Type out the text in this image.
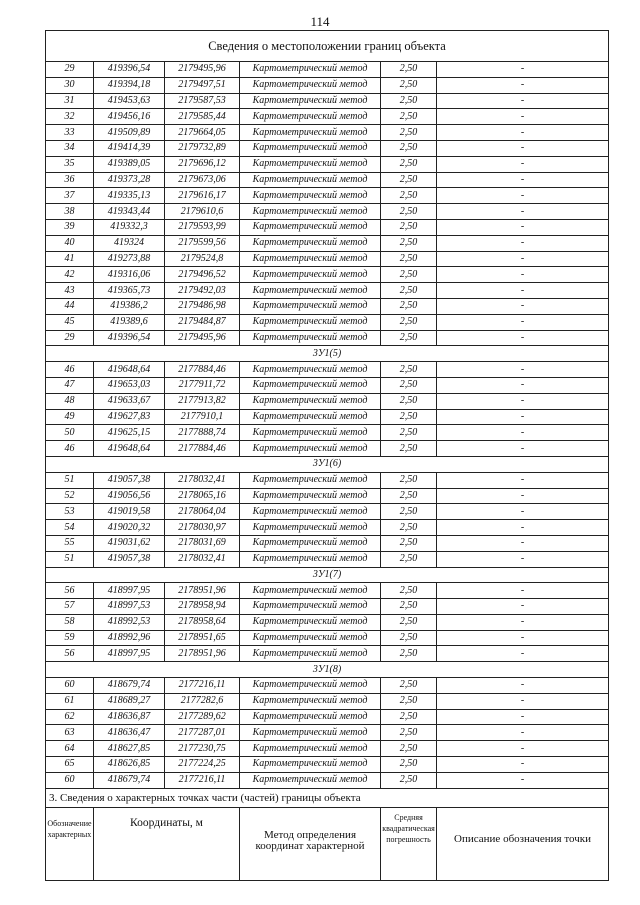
114
Сведения о местоположении границ объекта					
29	419396,54	2179495,96	Картометрический метод	2,50	-
30	419394,18	2179497,51	Картометрический метод	2,50	-
31	419453,63	2179587,53	Картометрический метод	2,50	-
32	419456,16	2179585,44	Картометрический метод	2,50	-
33	419509,89	2179664,05	Картометрический метод	2,50	-
34	419414,39	2179732,89	Картометрический метод	2,50	-
35	419389,05	2179696,12	Картометрический метод	2,50	-
36	419373,28	2179673,06	Картометрический метод	2,50	-
37	419335,13	2179616,17	Картометрический метод	2,50	-
38	419343,44	2179610,6	Картометрический метод	2,50	-
39	419332,3	2179593,99	Картометрический метод	2,50	-
40	419324	2179599,56	Картометрический метод	2,50	-
41	419273,88	2179524,8	Картометрический метод	2,50	-
42	419316,06	2179496,52	Картометрический метод	2,50	-
43	419365,73	2179492,03	Картометрический метод	2,50	-
44	419386,2	2179486,98	Картометрический метод	2,50	-
45	419389,6	2179484,87	Картометрический метод	2,50	-
29	419396,54	2179495,96	Картометрический метод	2,50	-
3У1(5)					
46	419648,64	2177884,46	Картометрический метод	2,50	-
47	419653,03	2177911,72	Картометрический метод	2,50	-
48	419633,67	2177913,82	Картометрический метод	2,50	-
49	419627,83	2177910,1	Картометрический метод	2,50	-
50	419625,15	2177888,74	Картометрический метод	2,50	-
46	419648,64	2177884,46	Картометрический метод	2,50	-
3У1(6)					
51	419057,38	2178032,41	Картометрический метод	2,50	-
52	419056,56	2178065,16	Картометрический метод	2,50	-
53	419019,58	2178064,04	Картометрический метод	2,50	-
54	419020,32	2178030,97	Картометрический метод	2,50	-
55	419031,62	2178031,69	Картометрический метод	2,50	-
51	419057,38	2178032,41	Картометрический метод	2,50	-
3У1(7)					
56	418997,95	2178951,96	Картометрический метод	2,50	-
57	418997,53	2178958,94	Картометрический метод	2,50	-
58	418992,53	2178958,64	Картометрический метод	2,50	-
59	418992,96	2178951,65	Картометрический метод	2,50	-
56	418997,95	2178951,96	Картометрический метод	2,50	-
3У1(8)					
60	418679,74	2177216,11	Картометрический метод	2,50	-
61	418689,27	2177282,6	Картометрический метод	2,50	-
62	418636,87	2177289,62	Картометрический метод	2,50	-
63	418636,47	2177287,01	Картометрический метод	2,50	-
64	418627,85	2177230,75	Картометрический метод	2,50	-
65	418626,85	2177224,25	Картометрический метод	2,50	-
60	418679,74	2177216,11	Картометрический метод	2,50	-
3. Сведения о характерных точках части (частей) границы объекта					

Обозначение характерных	Координаты, м		Метод определения координат характерной	Средняя квадратическая погрешность	Описание обозначения точки
